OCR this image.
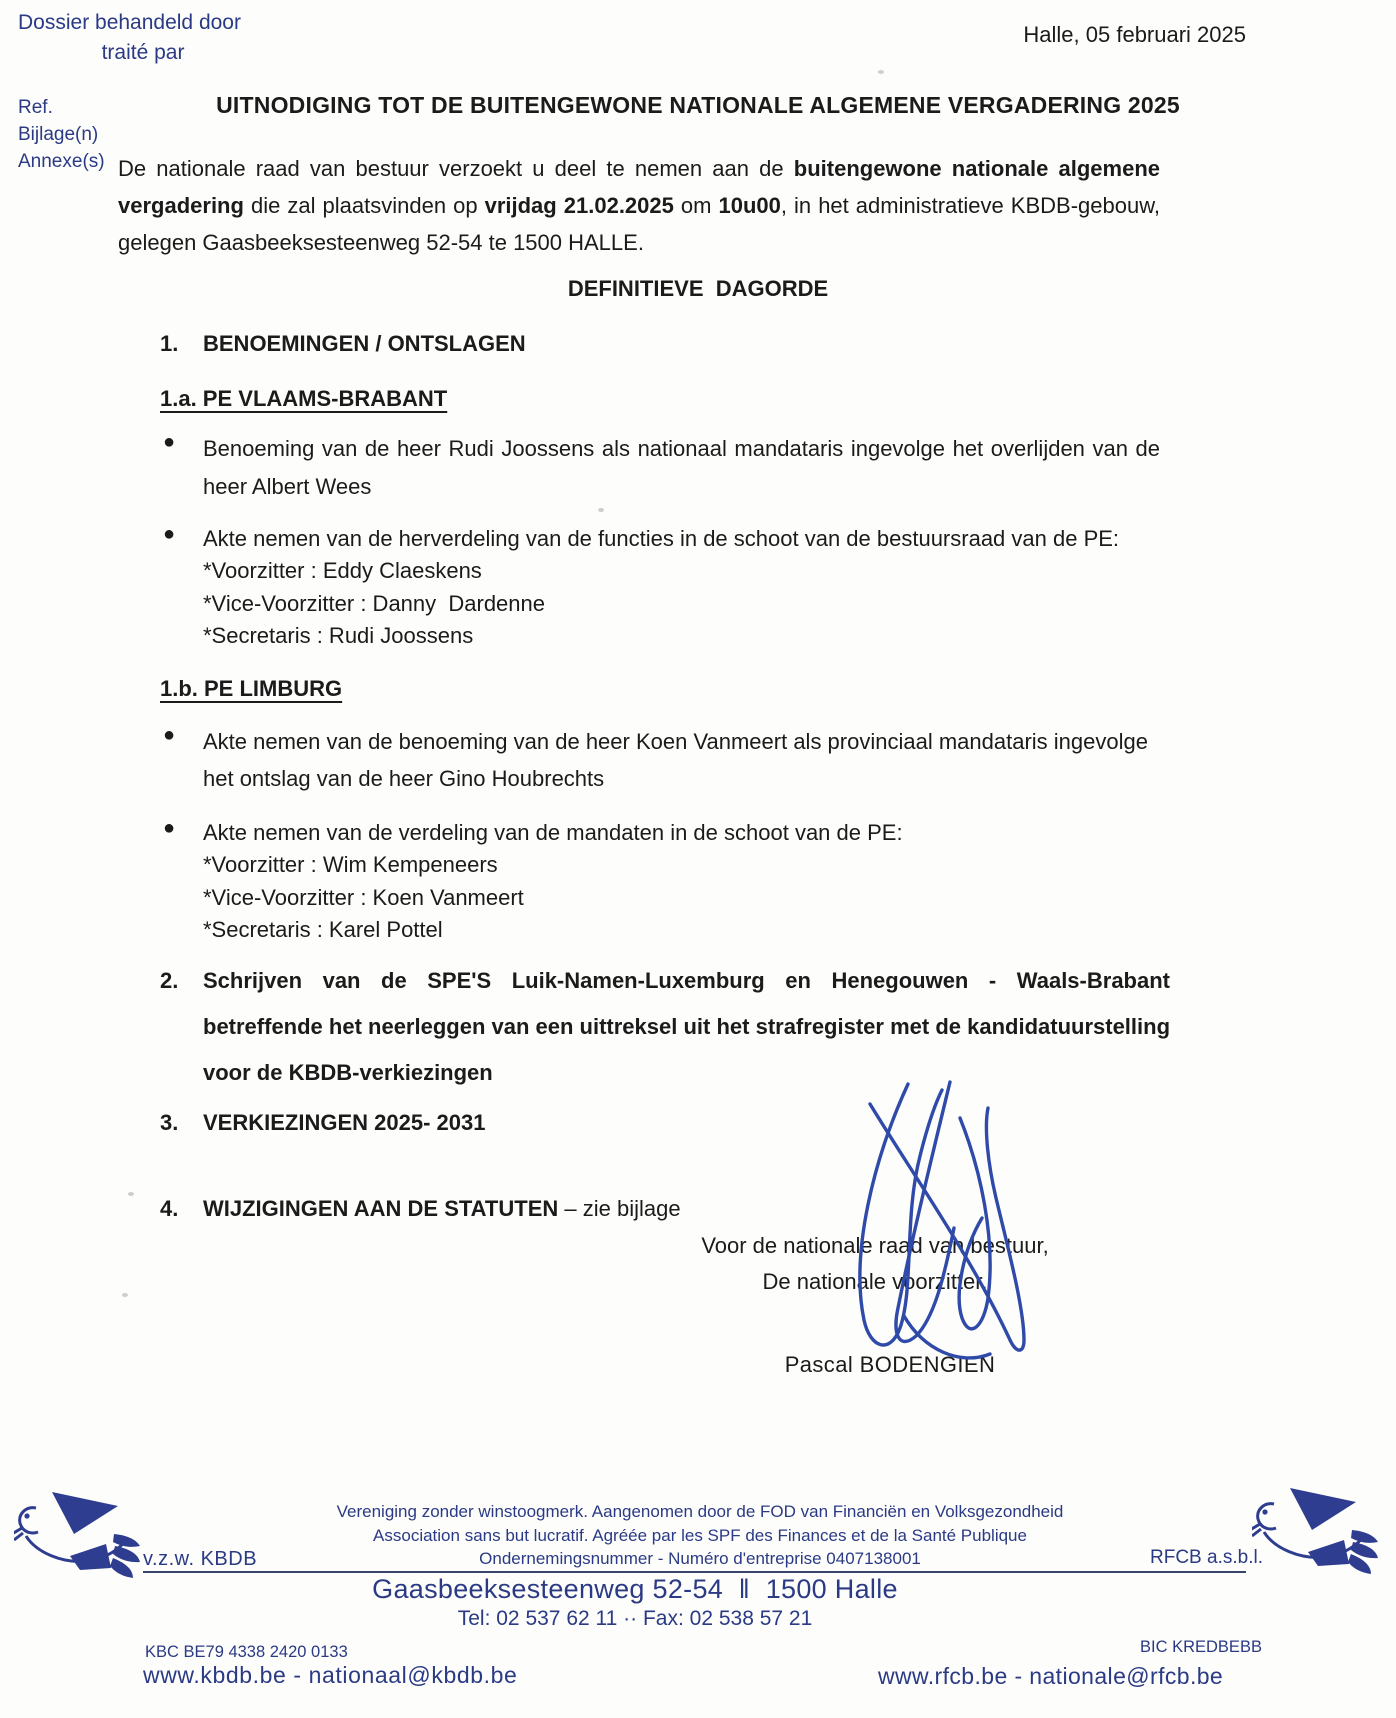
Dossier behandeld door
traité par
Halle, 05 februari 2025
Ref.
Bijlage(n)
Annexe(s)
UITNODIGING TOT DE BUITENGEWONE NATIONALE ALGEMENE VERGADERING 2025
De nationale raad van bestuur verzoekt u deel te nemen aan de buitengewone nationale algemene vergadering die zal plaatsvinden op vrijdag 21.02.2025 om 10u00, in het administratieve KBDB-gebouw, gelegen Gaasbeeksesteenweg 52-54 te 1500 HALLE.
DEFINITIEVE  DAGORDE
1.	BENOEMINGEN / ONTSLAGEN
1.a. PE VLAAMS-BRABANT
●	Benoeming van de heer Rudi Joossens als nationaal mandataris ingevolge het overlijden van de heer Albert Wees
●	Akte nemen van de herverdeling van de functies in de schoot van de bestuursraad van de PE:
*Voorzitter : Eddy Claeskens
*Vice-Voorzitter : Danny  Dardenne
*Secretaris : Rudi Joossens
1.b. PE LIMBURG
●	Akte nemen van de benoeming van de heer Koen Vanmeert als provinciaal mandataris ingevolge het ontslag van de heer Gino Houbrechts
●	Akte nemen van de verdeling van de mandaten in de schoot van de PE:
*Voorzitter : Wim Kempeneers
*Vice-Voorzitter : Koen Vanmeert
*Secretaris : Karel Pottel
2.	Schrijven van de SPE'S Luik-Namen-Luxemburg en Henegouwen - Waals-Brabant betreffende het neerleggen van een uittreksel uit het strafregister met de kandidatuurstelling voor de KBDB-verkiezingen
3.	VERKIEZINGEN 2025- 2031
4.	WIJZIGINGEN AAN DE STATUTEN – zie bijlage
Voor de nationale raad van bestuur,
De nationale voorzitter,
Pascal BODENGIEN
Vereniging zonder winstoogmerk. Aangenomen door de FOD van Financiën en Volksgezondheid
Association sans but lucratif. Agréée par les SPF des Finances et de la Santé Publique
Ondernemingsnummer - Numéro d'entreprise 0407138001
v.z.w. KBDB	RFCB a.s.b.l.
Gaasbeeksesteenweg 52-54  ‖  1500 Halle
Tel: 02 537 62 11 ·· Fax: 02 538 57 21
KBC BE79 4338 2420 0133	BIC KREDBEBB
www.kbdb.be - nationaal@kbdb.be	www.rfcb.be - nationale@rfcb.be
